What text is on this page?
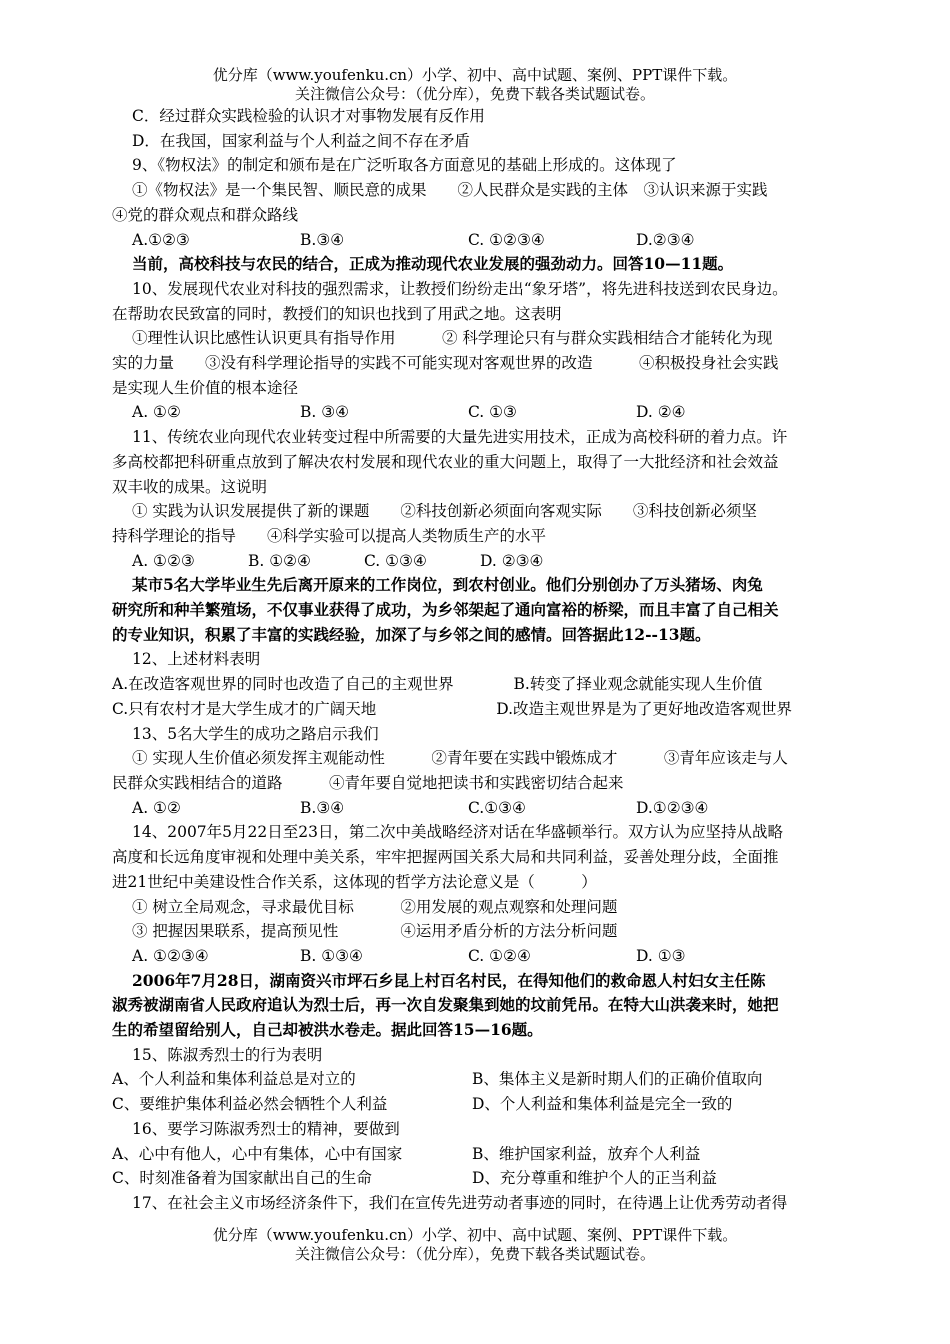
优分库（www.youfenku.cn）小学、初中、高中试题、案例、PPT课件下载。
关注微信公众号：（优分库），免费下载各类试题试卷。
C．经过群众实践检验的认识才对事物发展有反作用
D．在我国，国家利益与个人利益之间不存在矛盾
9、《物权法》的制定和颁布是在广泛听取各方面意见的基础上形成的。这体现了
①《物权法》是一个集民智、顺民意的成果　　②人民群众是实践的主体　③认识来源于实践
④党的群众观点和群众路线
A.①②③	B.③④	C. ①②③④	D.②③④
当前，高校科技与农民的结合，正成为推动现代农业发展的强劲动力。回答10—11题。
10、发展现代农业对科技的强烈需求，让教授们纷纷走出“象牙塔”，将先进科技送到农民身边。
在帮助农民致富的同时，教授们的知识也找到了用武之地。这表明
①理性认识比感性认识更具有指导作用　　　② 科学理论只有与群众实践相结合才能转化为现
实的力量　　③没有科学理论指导的实践不可能实现对客观世界的改造　　　④积极投身社会实践
是实现人生价值的根本途径
A. ①②	B. ③④	C. ①③	D. ②④
11、传统农业向现代农业转变过程中所需要的大量先进实用技术，正成为高校科研的着力点。许
多高校都把科研重点放到了解决农村发展和现代农业的重大问题上，取得了一大批经济和社会效益
双丰收的成果。这说明
① 实践为认识发展提供了新的课题　　②科技创新必须面向客观实际　　③科技创新必须坚
持科学理论的指导　　④科学实验可以提高人类物质生产的水平
A. ①②③	B. ①②④	C. ①③④	D. ②③④
某市5名大学毕业生先后离开原来的工作岗位，到农村创业。他们分别创办了万头猪场、肉兔
研究所和种羊繁殖场，不仅事业获得了成功，为乡邻架起了通向富裕的桥梁，而且丰富了自己相关
的专业知识，积累了丰富的实践经验，加深了与乡邻之间的感情。回答据此12--13题。
12、上述材料表明
A.在改造客观世界的同时也改造了自己的主观世界	B.转变了择业观念就能实现人生价值
C.只有农村才是大学生成才的广阔天地	D.改造主观世界是为了更好地改造客观世界
13、5名大学生的成功之路启示我们
① 实现人生价值必须发挥主观能动性　　　②青年要在实践中锻炼成才　　　③青年应该走与人
民群众实践相结合的道路　　　④青年要自觉地把读书和实践密切结合起来
A. ①②	B.③④	C.①③④	D.①②③④
14、2007年5月22日至23日，第二次中美战略经济对话在华盛顿举行。双方认为应坚持从战略
高度和长远角度审视和处理中美关系，牢牢把握两国关系大局和共同利益，妥善处理分歧，全面推
进21世纪中美建设性合作关系，这体现的哲学方法论意义是（　　　）
① 树立全局观念，寻求最优目标　　　②用发展的观点观察和处理问题
③ 把握因果联系，提高预见性　　　　④运用矛盾分析的方法分析问题
A. ①②③④	B. ①③④	C. ①②④	D. ①③
2006年7月28日，湖南资兴市坪石乡昆上村百名村民，在得知他们的救命恩人村妇女主任陈
淑秀被湖南省人民政府追认为烈士后，再一次自发聚集到她的坟前凭吊。在特大山洪袭来时，她把
生的希望留给别人，自己却被洪水卷走。据此回答15—16题。
15、陈淑秀烈士的行为表明
A、个人利益和集体利益总是对立的	B、集体主义是新时期人们的正确价值取向
C、要维护集体利益必然会牺牲个人利益	D、个人利益和集体利益是完全一致的
16、要学习陈淑秀烈士的精神，要做到
A、心中有他人，心中有集体，心中有国家	B、维护国家利益，放弃个人利益
C、时刻准备着为国家献出自己的生命	D、充分尊重和维护个人的正当利益
17、在社会主义市场经济条件下，我们在宣传先进劳动者事迹的同时，在待遇上让优秀劳动者得
优分库（www.youfenku.cn）小学、初中、高中试题、案例、PPT课件下载。
关注微信公众号：（优分库），免费下载各类试题试卷。
